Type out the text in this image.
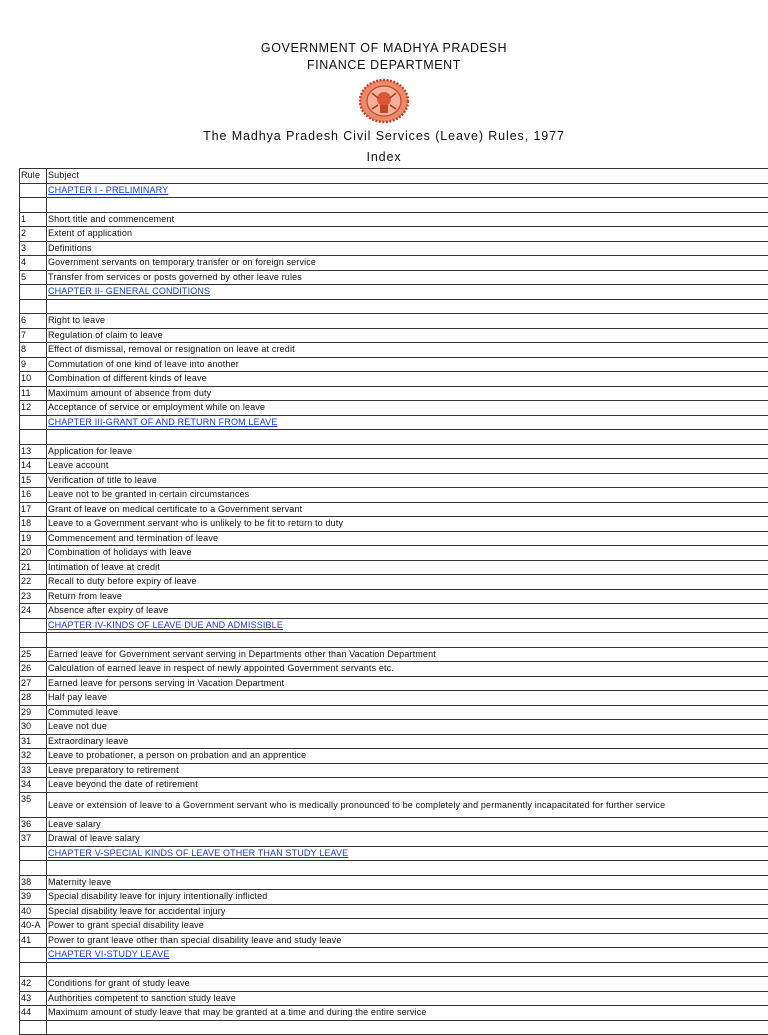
GOVERNMENT OF MADHYA PRADESH
FINANCE DEPARTMENT
The Madhya Pradesh Civil Services (Leave) Rules, 1977
Index
Rule	Subject
	CHAPTER I - PRELIMINARY

1	Short title and commencement
2	Extent of application
3	Definitions
4	Government servants on temporary transfer or on foreign service
5	Transfer from services or posts governed by other leave rules
	CHAPTER II- GENERAL CONDITIONS

6	Right to leave
7	Regulation of claim to leave
8	Effect of dismissal, removal or resignation on leave at credit
9	Commutation of one kind of leave into another
10	Combination of different kinds of leave
11	Maximum amount of absence from duty
12	Acceptance of service or employment while on leave
	CHAPTER III-GRANT OF AND RETURN FROM LEAVE

13	Application for leave
14	Leave account
15	Verification of title to leave
16	Leave not to be granted in certain circumstances
17	Grant of leave on medical certificate to a Government servant
18	Leave to a Government servant who is unlikely to be fit to return to duty
19	Commencement and termination of leave
20	Combination of holidays with leave
21	Intimation of leave at credit
22	Recall to duty before expiry of leave
23	Return from leave
24	Absence after expiry of leave
	CHAPTER IV-KINDS OF LEAVE DUE AND ADMISSIBLE

25	Earned leave for Government servant serving in Departments other than Vacation Department
26	Calculation of earned leave in respect of newly appointed Government servants etc.
27	Earned leave for persons serving in Vacation Department
28	Half pay leave
29	Commuted leave
30	Leave not due
31	Extraordinary leave
32	Leave to probationer, a person on probation and an apprentice
33	Leave preparatory to retirement
34	Leave beyond the date of retirement
35	Leave or extension of leave to a Government servant who is medically pronounced to be completely and permanently incapacitated for further service
36	Leave salary
37	Drawal of leave salary
	CHAPTER V-SPECIAL KINDS OF LEAVE OTHER THAN STUDY LEAVE

38	Maternity leave
39	Special disability leave for injury intentionally inflicted
40	Special disability leave for accidental injury
40-A	Power to grant special disability leave
41	Power to grant leave other than special disability leave and study leave
	CHAPTER VI-STUDY LEAVE

42	Conditions for grant of study leave
43	Authorities competent to sanction study leave
44	Maximum amount of study leave that may be granted at a time and during the entire service
